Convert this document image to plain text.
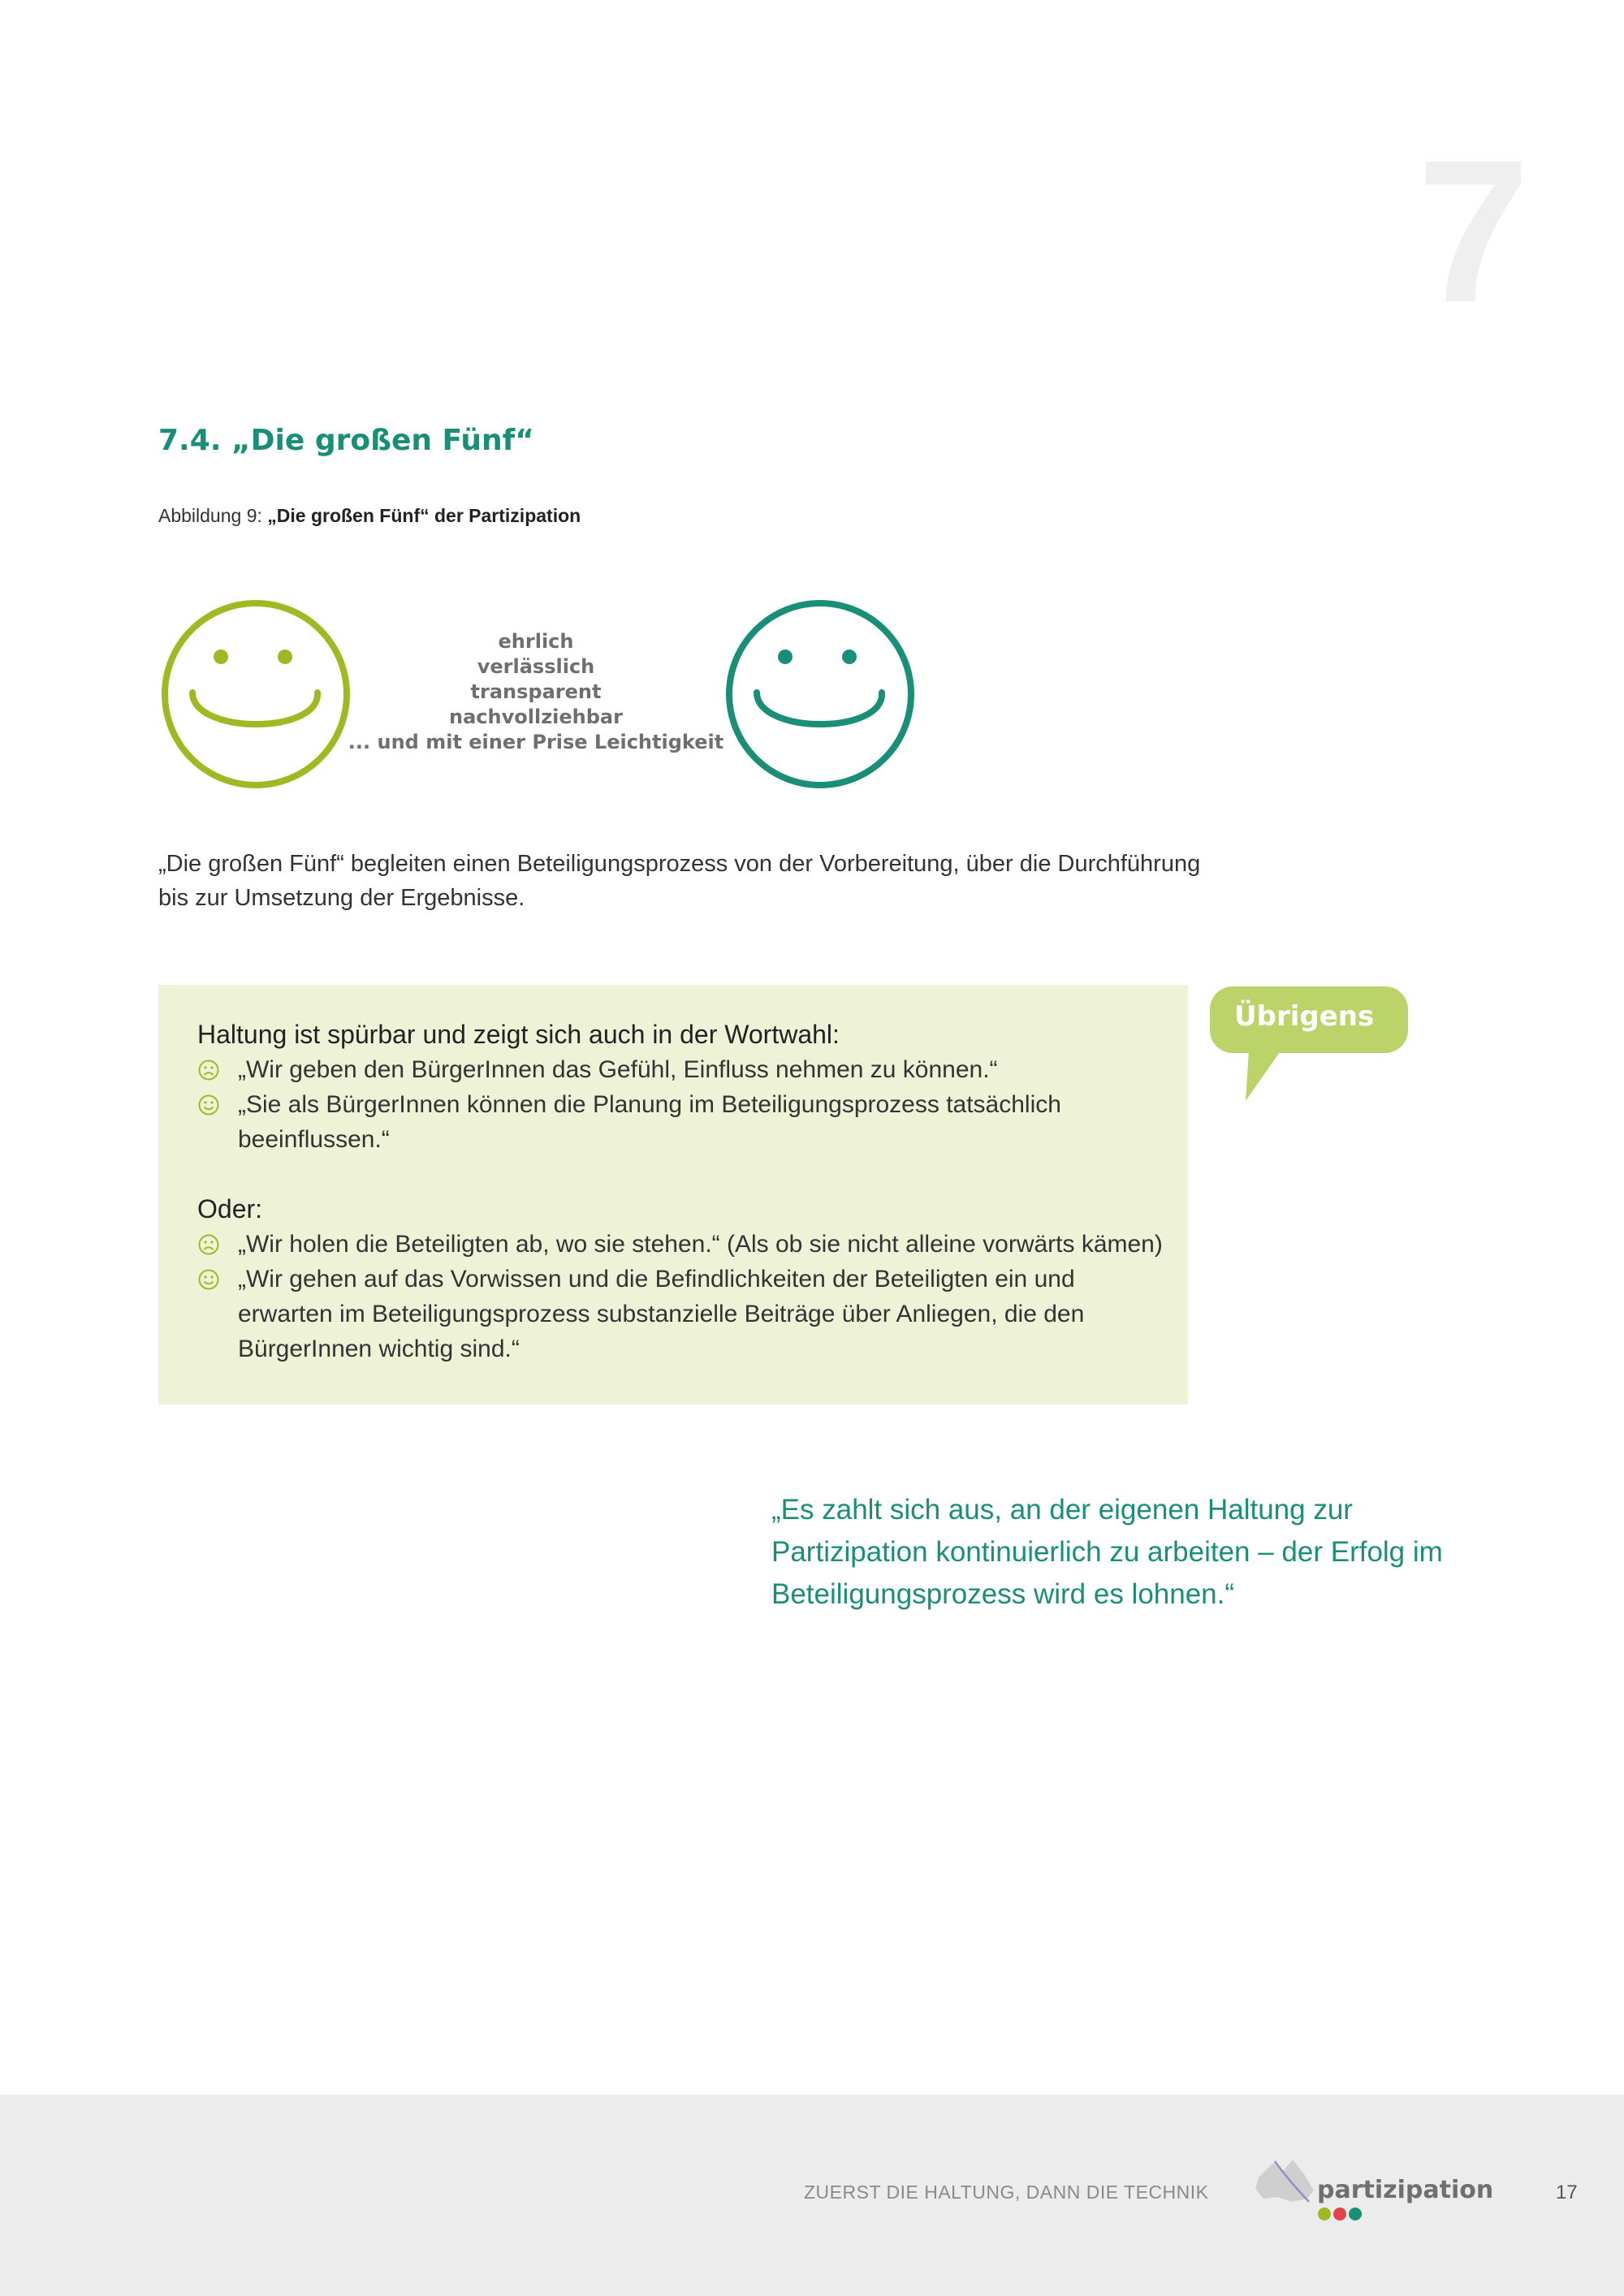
7
7.4. „Die großen Fünf“
Abbildung 9: „Die großen Fünf“ der Partizipation
ehrlich
verlässlich
transparent
nachvollziehbar
... und mit einer Prise Leichtigkeit

„Die großen Fünf“ begleiten einen Beteiligungsprozess von der Vorbereitung, über die Durchführung bis zur Umsetzung der Ergebnisse.

Haltung ist spürbar und zeigt sich auch in der Wortwahl:

„Wir geben den BürgerInnen das Gefühl, Einfluss nehmen zu können.“
„Sie als BürgerInnen können die Planung im Beteiligungsprozess tatsächlich beeinflussen.“

Oder:

„Wir holen die Beteiligten ab, wo sie stehen.“ (Als ob sie nicht alleine vorwärts kämen)
„Wir gehen auf das Vorwissen und die Befindlichkeiten der Beteiligten ein und erwarten im Beteiligungsprozess substanzielle Beiträge über Anliegen, die den BürgerInnen wichtig sind.“
Übrigens

„Es zahlt sich aus, an der eigenen Haltung zur Partizipation kontinuierlich zu arbeiten – der Erfolg im Beteiligungsprozess wird es lohnen.“

ZUERST DIE HALTUNG, DANN DIE TECHNIK	partizipation	17
